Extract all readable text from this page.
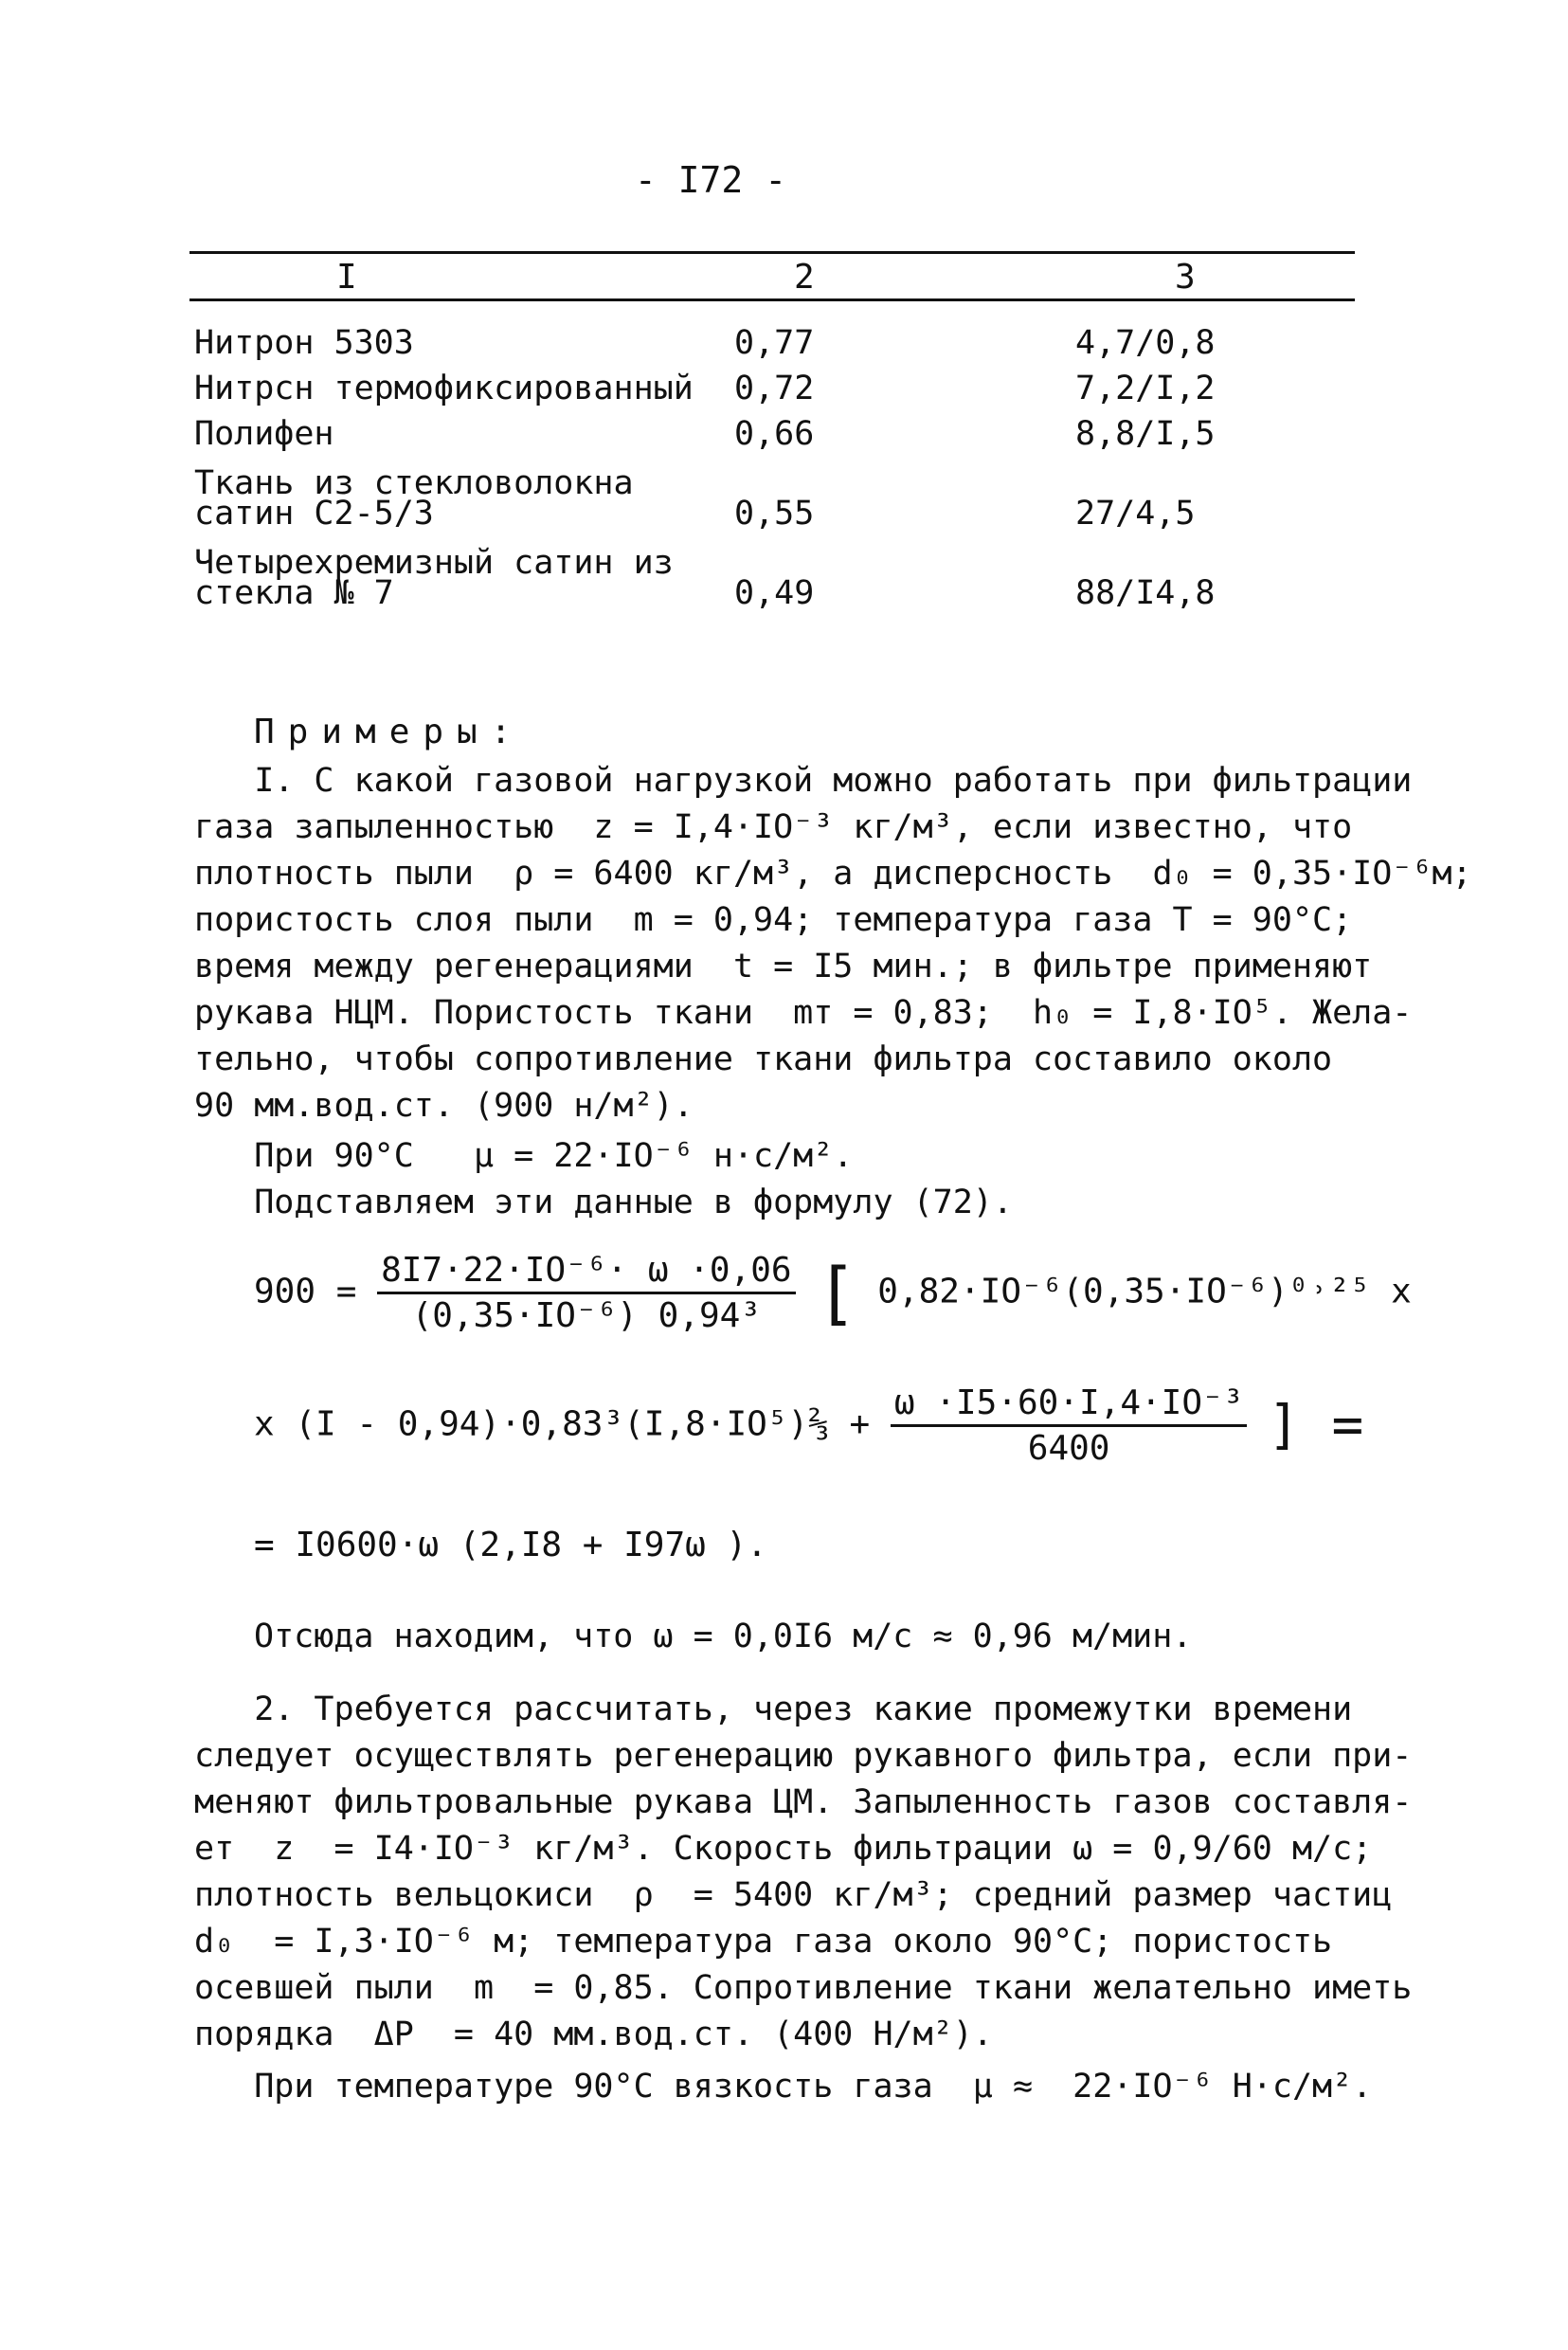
- I72 -
I	2	3
Нитрон 5303	0,77	4,7/0,8
Нитрсн термофиксированный 0,72	7,2/I,2
Полифен	0,66	8,8/I,5
Ткань из стекловолокна
сатин С2-5/3	0,55	27/4,5
Четырехремизный сатин из
стекла № 7	0,49	88/I4,8
Примеры:
I. С какой газовой нагрузкой можно работать при фильтрации
газа запыленностью  z = I,4·IO⁻³ кг/м³, если известно, что
плотность пыли  ρ = 6400 кг/м³, а дисперсность  d₀ = 0,35·IO⁻⁶м;
пористость слоя пыли  m = 0,94; температура газа T = 90°C;
время между регенерациями  t = I5 мин.; в фильтре применяют
рукава НЦМ. Пористость ткани  mт = 0,83;  h₀ = I,8·IO⁵. Жела-
тельно, чтобы сопротивление ткани фильтра составило около
90 мм.вод.ст. (900 н/м²).
При 90°C   μ = 22·IO⁻⁶ н·с/м².
Подставляем эти данные в формулу (72).
$900 = \frac{\text{8I7·22·IO⁻⁶· ω ·0,06}}{\text{(0,35·IO⁻⁶) 0,94³}}$ [ 0,82·IO⁻⁶(0,35·IO⁻⁶)⁰˒²⁵ x
x (I - 0,94)·0,83³(I,8·IO⁵)⅔ + $\frac{\text{ω ·I5·60·I,4·IO⁻³}}{6400}$ ] =
= I0600·ω (2,I8 + I97ω ).
Отсюда находим, что ω = 0,0I6 м/с ≈ 0,96 м/мин.
2. Требуется рассчитать, через какие промежутки времени
следует осуществлять регенерацию рукавного фильтра, если при-
меняют фильтровальные рукава ЦМ. Запыленность газов составля-
ет  z  = I4·IO⁻³ кг/м³. Скорость фильтрации ω = 0,9/60 м/с;
плотность вельцокиси  ρ  = 5400 кг/м³; средний размер частиц
d₀  = I,3·IO⁻⁶ м; температура газа около 90°C; пористость
осевшей пыли  m  = 0,85. Сопротивление ткани желательно иметь
порядка  ΔP  = 40 мм.вод.ст. (400 Н/м²).
При температуре 90°C вязкость газа  μ ≈  22·IO⁻⁶ Н·с/м².
